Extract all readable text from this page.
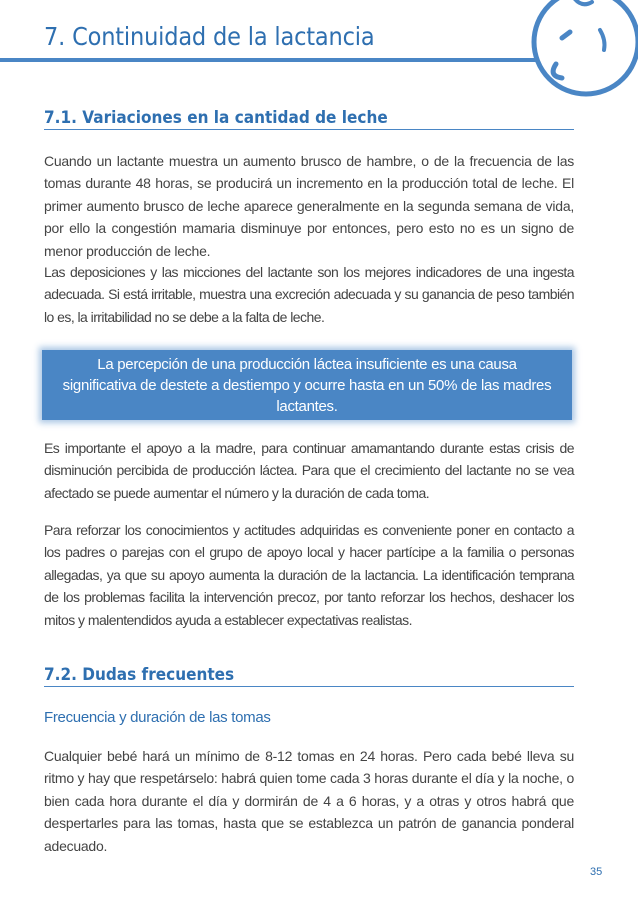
7. Continuidad de la lactancia
7.1. Variaciones en la cantidad de leche

Cuando un lactante muestra un aumento brusco de hambre, o de la frecuencia de las tomas durante 48 horas, se producirá un incremento en la producción total de leche. El primer aumento brusco de leche aparece generalmente en la segunda semana de vida, por ello la congestión mamaria disminuye por entonces, pero esto no es un signo de menor producción de leche.

Las deposiciones y las micciones del lactante son los mejores indicadores de una ingesta adecuada. Si está irritable, muestra una excreción adecuada y su ganancia de peso también lo es, la irritabilidad no se debe a la falta de leche.

La percepción de una producción láctea insuficiente es una causa significativa de destete a destiempo y ocurre hasta en un 50% de las madres lactantes.

Es importante el apoyo a la madre, para continuar amamantando durante estas crisis de disminución percibida de producción láctea. Para que el crecimiento del lactante no se vea afectado se puede aumentar el número y la duración de cada toma.

Para reforzar los conocimientos y actitudes adquiridas es conveniente poner en contacto a los padres o parejas con el grupo de apoyo local y hacer partícipe a la familia o personas allegadas, ya que su apoyo aumenta la duración de la lactancia. La identificación temprana de los problemas facilita la intervención precoz, por tanto reforzar los hechos, deshacer los mitos y malentendidos ayuda a establecer expectativas realistas.

7.2. Dudas frecuentes
Frecuencia y duración de las tomas

Cualquier bebé hará un mínimo de 8-12 tomas en 24 horas. Pero cada bebé lleva su ritmo y hay que respetárselo: habrá quien tome cada 3 horas durante el día y la noche, o bien cada hora durante el día y dormirán de 4 a 6 horas, y a otras y otros habrá que despertarles para las tomas, hasta que se establezca un patrón de ganancia ponderal adecuado.

35
